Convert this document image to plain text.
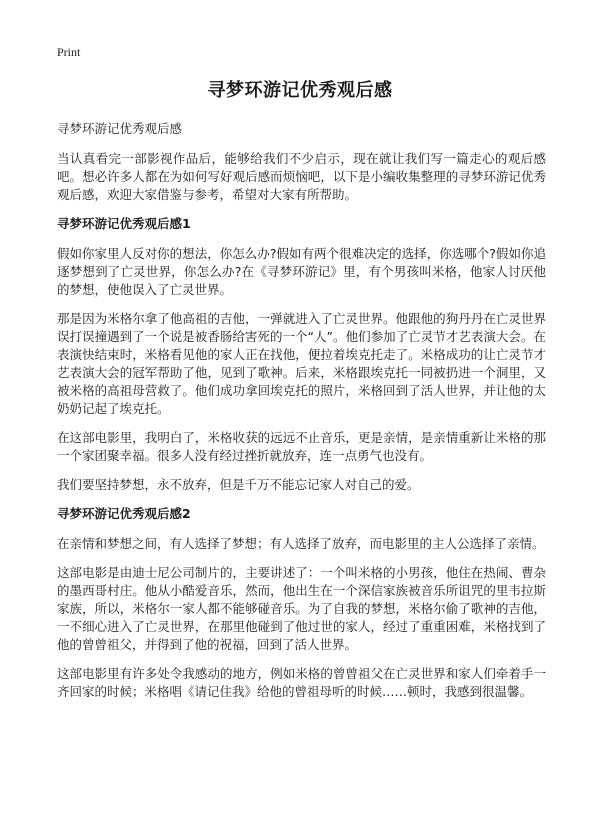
Print
寻梦环游记优秀观后感
寻梦环游记优秀观后感

当认真看完一部影视作品后，能够给我们不少启示，现在就让我们写一篇走心的观后感吧。想必许多人都在为如何写好观后感而烦恼吧，以下是小编收集整理的寻梦环游记优秀观后感，欢迎大家借鉴与参考，希望对大家有所帮助。

寻梦环游记优秀观后感1

假如你家里人反对你的想法，你怎么办?假如有两个很难决定的选择，你选哪个?假如你追逐梦想到了亡灵世界，你怎么办?在《寻梦环游记》里，有个男孩叫米格，他家人讨厌他的梦想，使他误入了亡灵世界。

那是因为米格尔拿了他高祖的吉他，一弹就进入了亡灵世界。他跟他的狗丹丹在亡灵世界误打误撞遇到了一个说是被香肠给害死的一个“人”。他们参加了亡灵节才艺表演大会。在表演快结束时，米格看见他的家人正在找他，便拉着埃克托走了。米格成功的让亡灵节才艺表演大会的冠军帮助了他，见到了歌神。后来，米格跟埃克托一同被扔进一个洞里，又被米格的高祖母营救了。他们成功拿回埃克托的照片，米格回到了活人世界，并让他的太奶奶记起了埃克托。

在这部电影里，我明白了，米格收获的远远不止音乐，更是亲情，是亲情重新让米格的那一个家团聚幸福。很多人没有经过挫折就放弃，连一点勇气也没有。

我们要坚持梦想，永不放弃，但是千万不能忘记家人对自己的爱。

寻梦环游记优秀观后感2

在亲情和梦想之间，有人选择了梦想；有人选择了放弃，而电影里的主人公选择了亲情。

这部电影是由迪士尼公司制片的，主要讲述了：一个叫米格的小男孩，他住在热闹、曹杂的墨西哥村庄。他从小酷爱音乐，然而，他出生在一个深信家族被音乐所诅咒的里韦拉斯家族，所以，米格尔一家人都不能够碰音乐。为了自我的梦想，米格尔偷了歌神的吉他，一不细心进入了亡灵世界，在那里他碰到了他过世的家人，经过了重重困难，米格找到了他的曾曾祖父，并得到了他的祝福，回到了活人世界。

这部电影里有许多处令我感动的地方，例如米格的曾曾祖父在亡灵世界和家人们牵着手一齐回家的时候；米格唱《请记住我》给他的曾祖母听的时候……顿时，我感到很温馨。
